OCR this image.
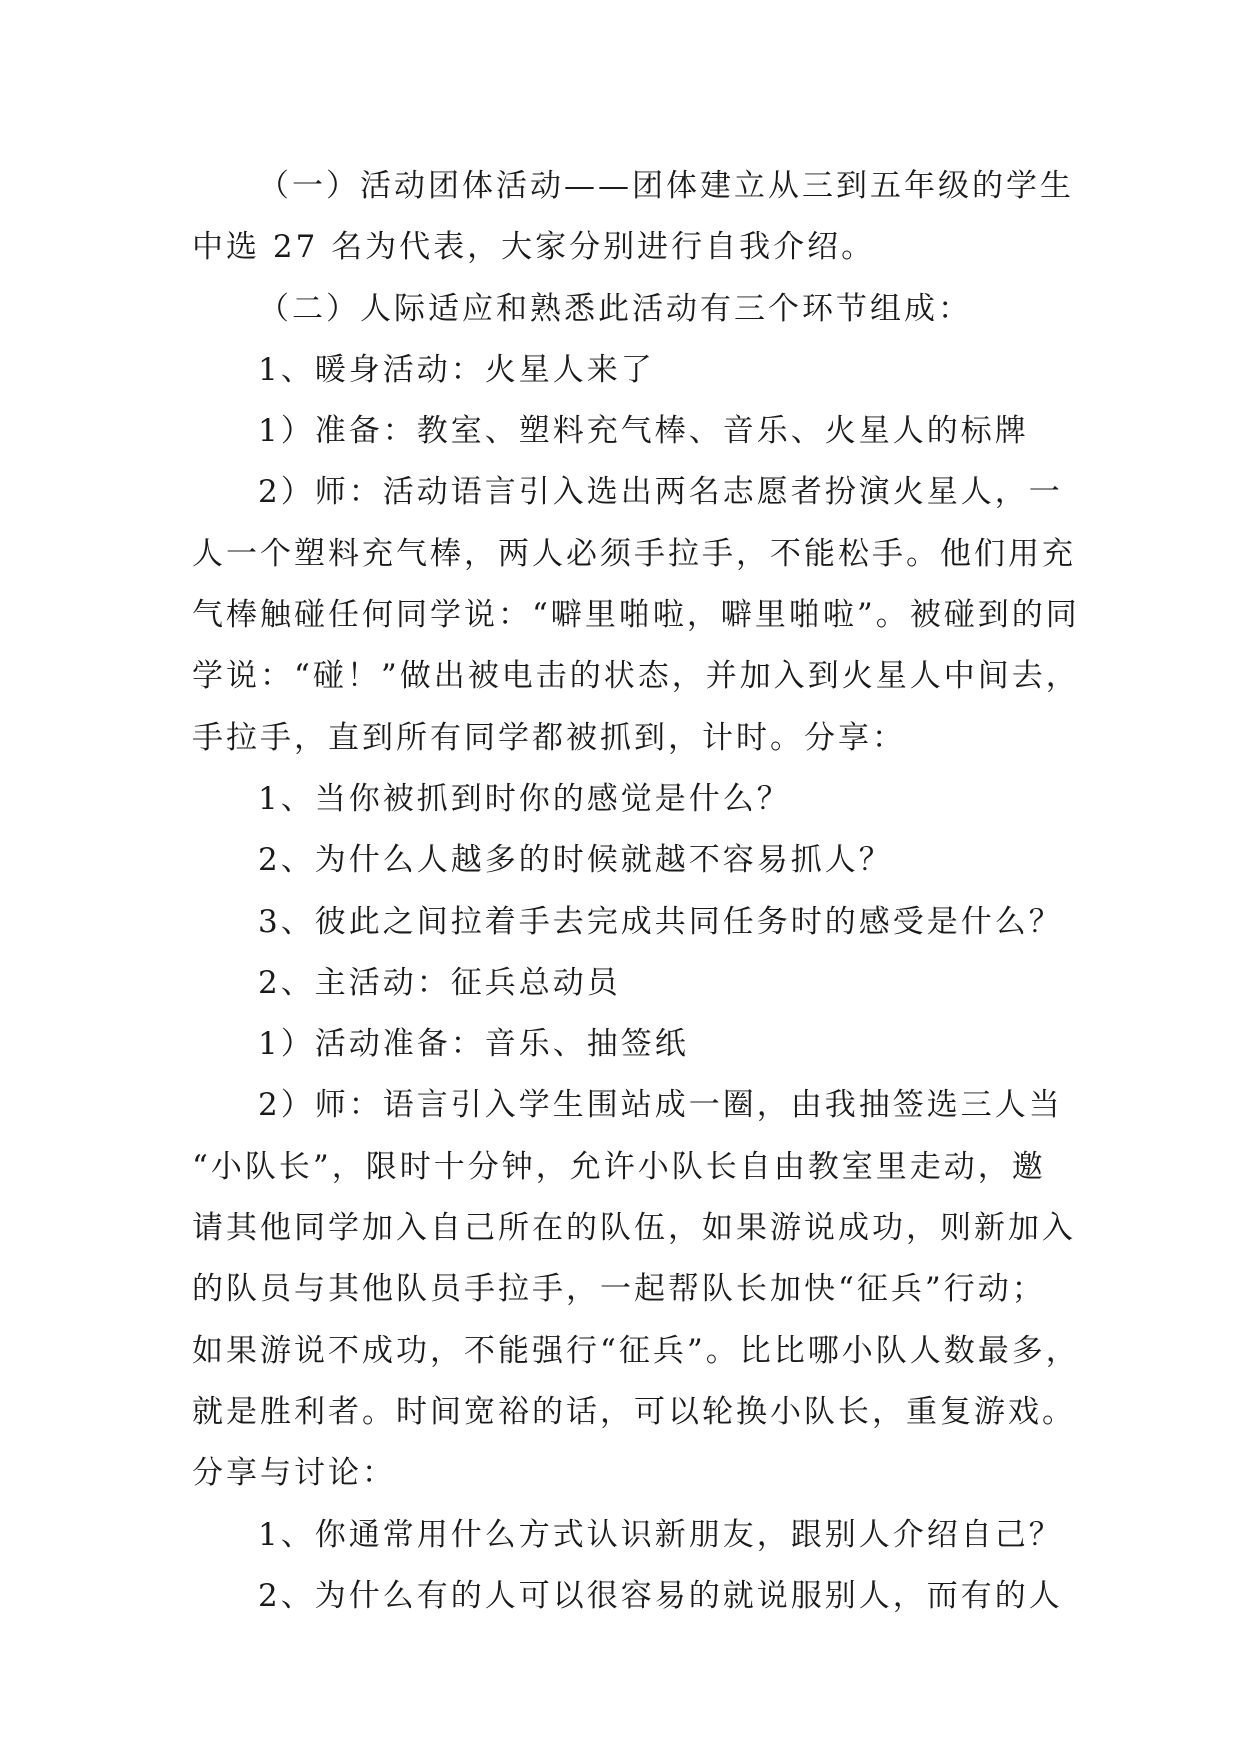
（一）活动团体活动——团体建立从三到五年级的学生
中选 27 名为代表，大家分别进行自我介绍。

（二）人际适应和熟悉此活动有三个环节组成：

1、暖身活动：火星人来了

1）准备：教室、塑料充气棒、音乐、火星人的标牌

2）师：活动语言引入选出两名志愿者扮演火星人，一
人一个塑料充气棒，两人必须手拉手，不能松手。他们用充
气棒触碰任何同学说：“噼里啪啦，噼里啪啦”。被碰到的同
学说：“碰！”做出被电击的状态，并加入到火星人中间去，
手拉手，直到所有同学都被抓到，计时。分享：

1、当你被抓到时你的感觉是什么？

2、为什么人越多的时候就越不容易抓人？

3、彼此之间拉着手去完成共同任务时的感受是什么？

2、主活动：征兵总动员

1）活动准备：音乐、抽签纸

2）师：语言引入学生围站成一圈，由我抽签选三人当
“小队长”，限时十分钟，允许小队长自由教室里走动，邀
请其他同学加入自己所在的队伍，如果游说成功，则新加入
的队员与其他队员手拉手，一起帮队长加快“征兵”行动；
如果游说不成功，不能强行“征兵”。比比哪小队人数最多，
就是胜利者。时间宽裕的话，可以轮换小队长，重复游戏。
分享与讨论：

1、你通常用什么方式认识新朋友，跟别人介绍自己？

2、为什么有的人可以很容易的就说服别人，而有的人
